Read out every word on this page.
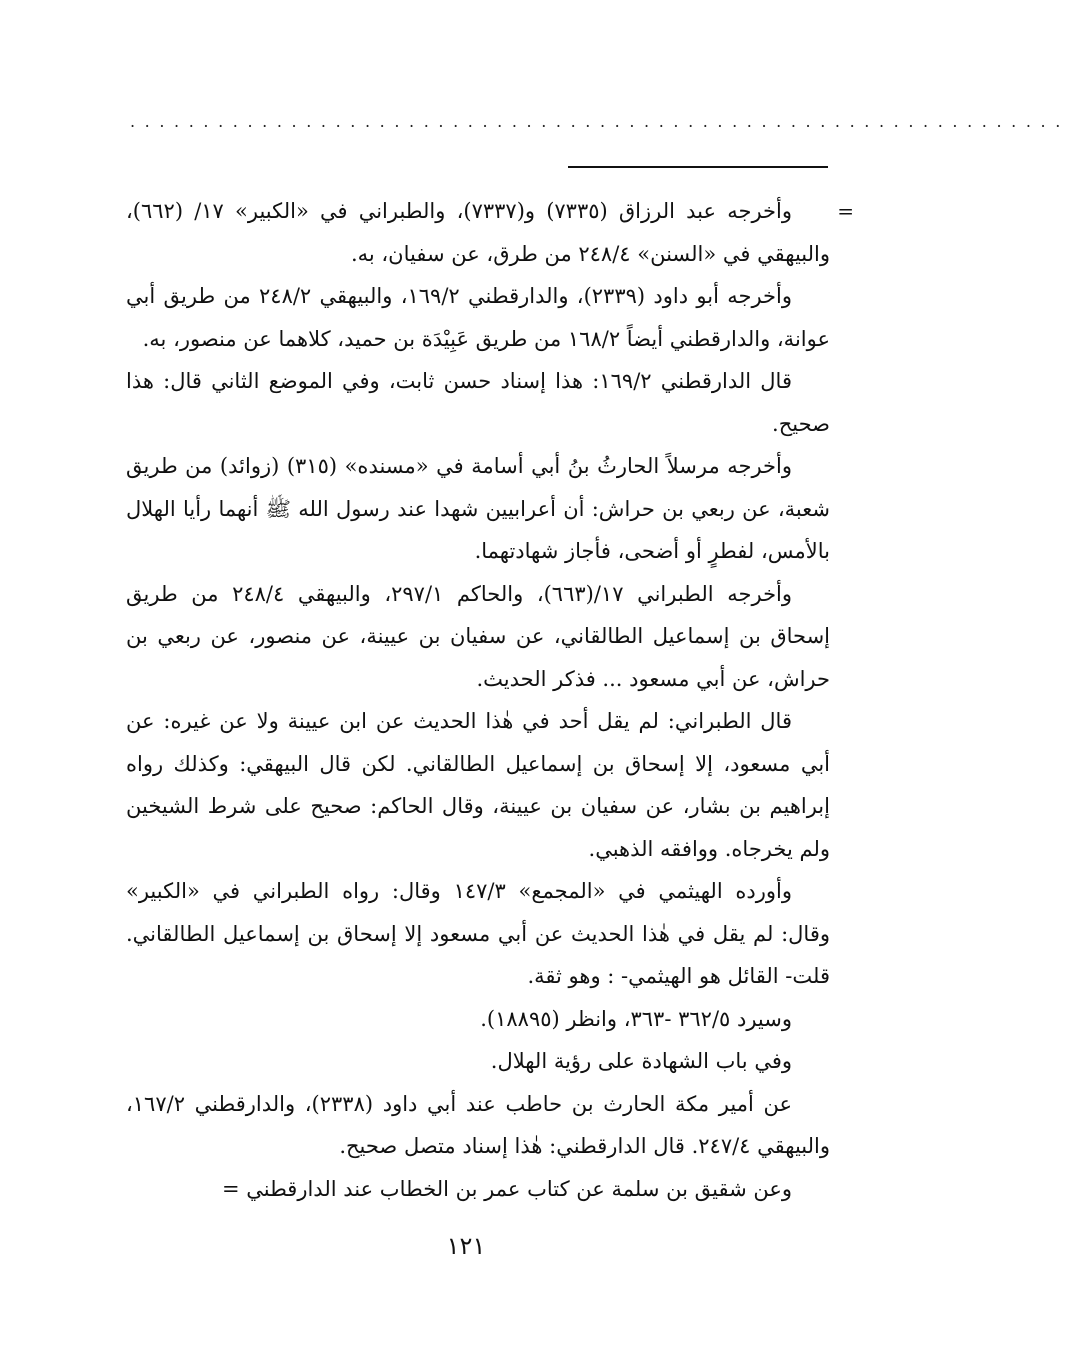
................................................................
=

وأخرجه عبد الرزاق (٧٣٣٥) و(٧٣٣٧)، والطبراني في «الكبير» ١٧/ (٦٦٢)، والبيهقي في «السنن» ٢٤٨/٤ من طرق، عن سفيان، به.

وأخرجه أبو داود (٢٣٣٩)، والدارقطني ١٦٩/٢، والبيهقي ٢٤٨/٢ من طريق أبي عوانة، والدارقطني أيضاً ١٦٨/٢ من طريق عَبِيْدَة بن حميد، كلاهما عن منصور، به.

قال الدارقطني ١٦٩/٢: هذا إسناد حسن ثابت، وفي الموضع الثاني قال: هذا صحيح.

وأخرجه مرسلاً الحارثُ بنُ أبي أسامة في «مسنده» (٣١٥) (زوائد) من طريق شعبة، عن ربعي بن حراش: أن أعرابيين شهدا عند رسول الله ﷺ أنهما رأيا الهلال بالأمس، لفطرٍ أو أضحى، فأجاز شهادتهما.

وأخرجه الطبراني ١٧/(٦٦٣)، والحاكم ٢٩٧/١، والبيهقي ٢٤٨/٤ من طريق إسحاق بن إسماعيل الطالقاني، عن سفيان بن عيينة، عن منصور، عن ربعي بن حراش، عن أبي مسعود ... فذكر الحديث.

قال الطبراني: لم يقل أحد في هٰذا الحديث عن ابن عيينة ولا عن غيره: عن أبي مسعود، إلا إسحاق بن إسماعيل الطالقاني. لكن قال البيهقي: وكذلك رواه إبراهيم بن بشار، عن سفيان بن عيينة، وقال الحاكم: صحيح على شرط الشيخين ولم يخرجاه. ووافقه الذهبي.

وأورده الهيثمي في «المجمع» ١٤٧/٣ وقال: رواه الطبراني في «الكبير» وقال: لم يقل في هٰذا الحديث عن أبي مسعود إلا إسحاق بن إسماعيل الطالقاني. قلت- القائل هو الهيثمي- : وهو ثقة.

وسيرد ٣٦٢/٥ -٣٦٣، وانظر (١٨٨٩٥).

وفي باب الشهادة على رؤية الهلال.

عن أمير مكة الحارث بن حاطب عند أبي داود (٢٣٣٨)، والدارقطني ١٦٧/٢، والبيهقي ٢٤٧/٤. قال الدارقطني: هٰذا إسناد متصل صحيح.

وعن شقيق بن سلمة عن كتاب عمر بن الخطاب عند الدارقطني =

١٢١
